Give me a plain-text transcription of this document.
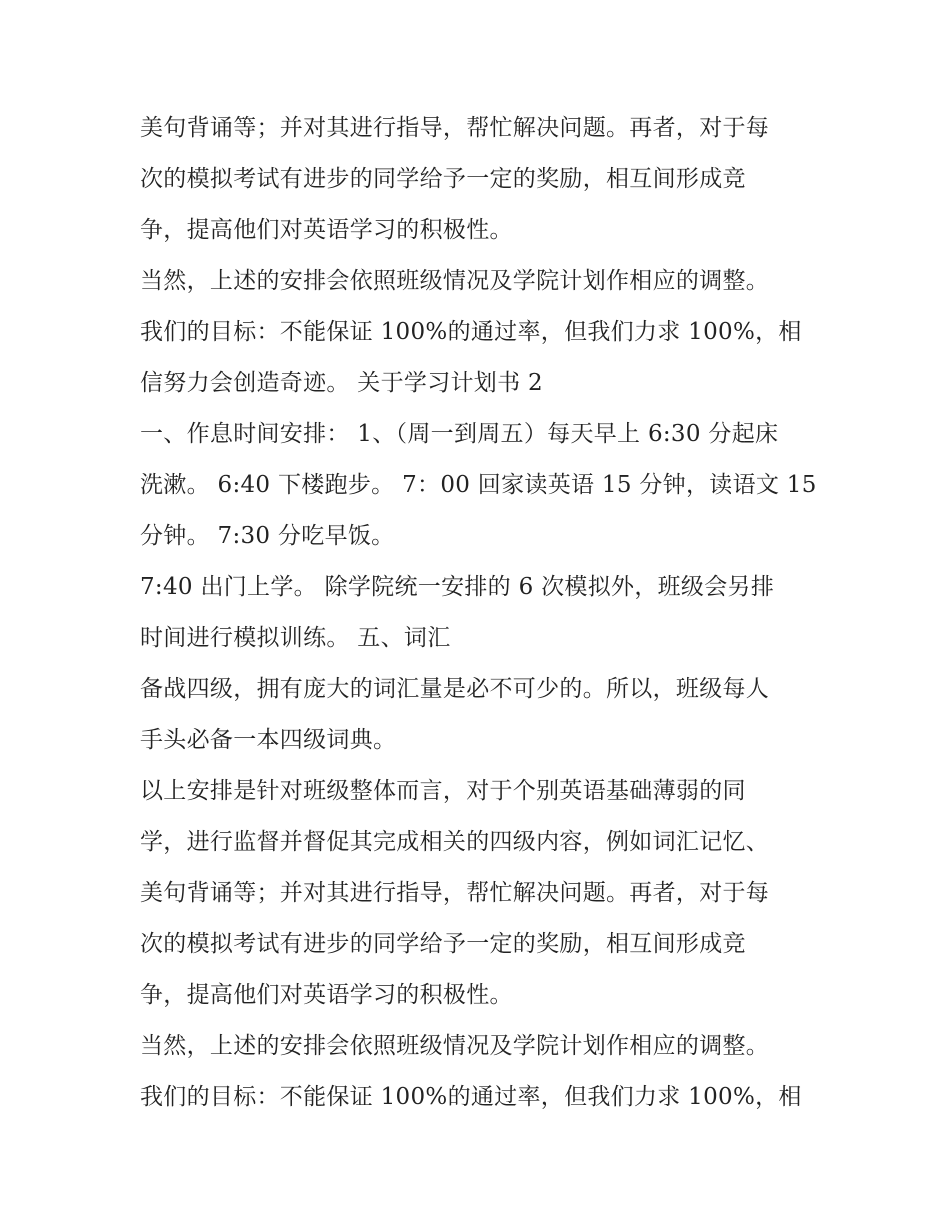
美句背诵等；并对其进行指导，帮忙解决问题。再者，对于每
次的模拟考试有进步的同学给予一定的奖励，相互间形成竞
争，提高他们对英语学习的积极性。
当然，上述的安排会依照班级情况及学院计划作相应的调整。
我们的目标：不能保证 100%的通过率，但我们力求 100%，相
信努力会创造奇迹。 关于学习计划书 2
一、作息时间安排： 1、（周一到周五）每天早上 6:30 分起床
洗漱。 6:40 下楼跑步。 7：00 回家读英语 15 分钟，读语文 15
分钟。 7:30 分吃早饭。
7:40 出门上学。 除学院统一安排的 6 次模拟外，班级会另排
时间进行模拟训练。 五、词汇
备战四级，拥有庞大的词汇量是必不可少的。所以，班级每人
手头必备一本四级词典。
以上安排是针对班级整体而言，对于个别英语基础薄弱的同
学，进行监督并督促其完成相关的四级内容，例如词汇记忆、
美句背诵等；并对其进行指导，帮忙解决问题。再者，对于每
次的模拟考试有进步的同学给予一定的奖励，相互间形成竞
争，提高他们对英语学习的积极性。
当然，上述的安排会依照班级情况及学院计划作相应的调整。
我们的目标：不能保证 100%的通过率，但我们力求 100%，相
